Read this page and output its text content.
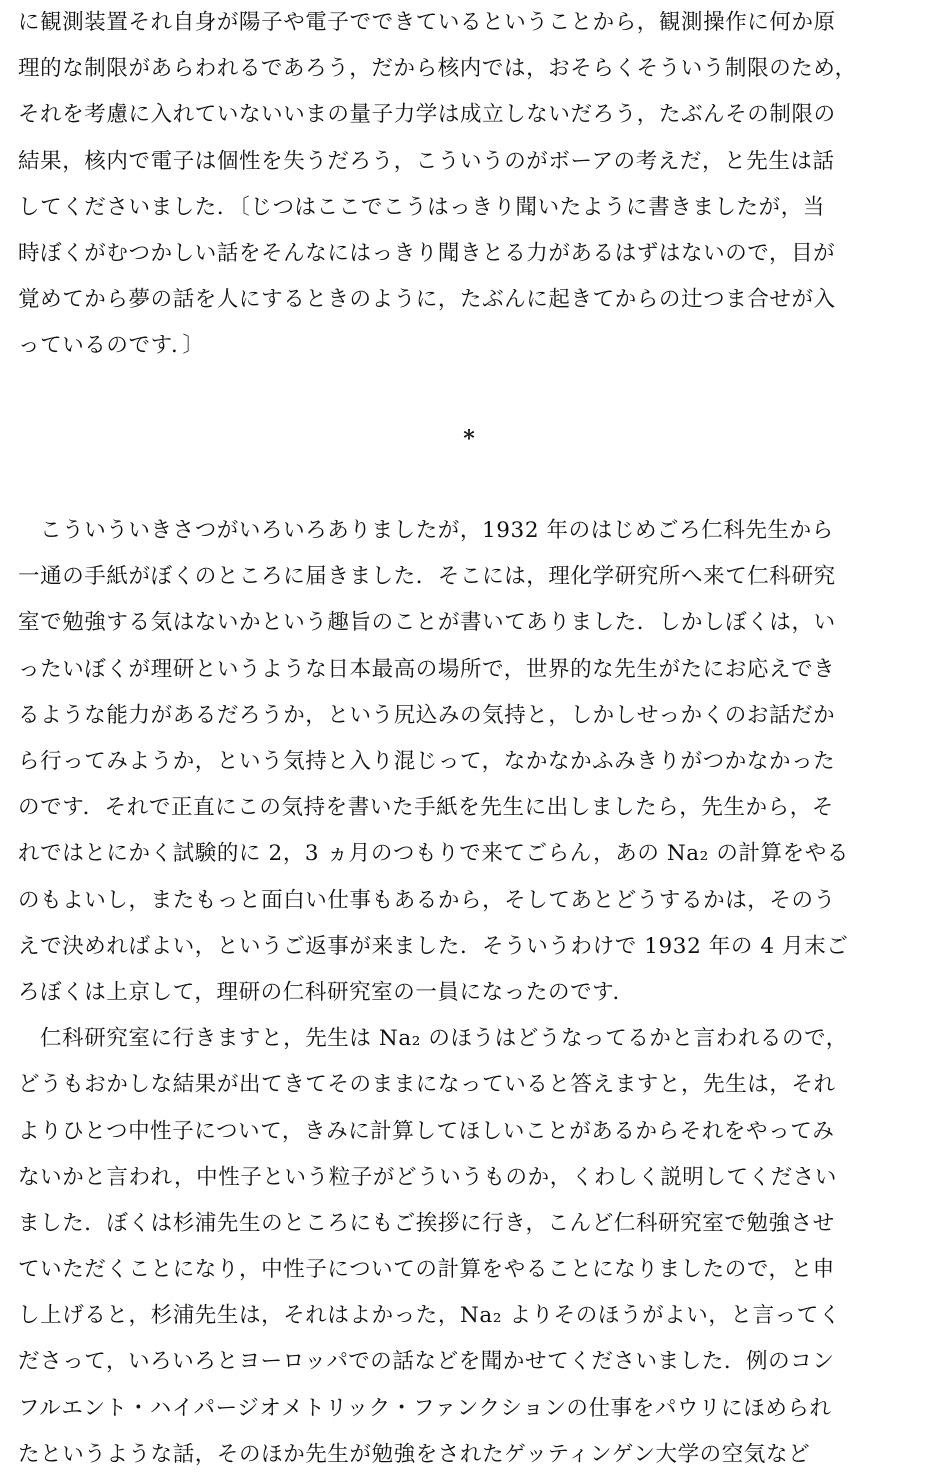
に観測装置それ自身が陽子や電子でできているということから，観測操作に何か原
理的な制限があらわれるであろう，だから核内では，おそらくそういう制限のため，
それを考慮に入れていないいまの量子力学は成立しないだろう，たぶんその制限の
結果，核内で電子は個性を失うだろう，こういうのがボーアの考えだ，と先生は話
してくださいました．〔じつはここでこうはっきり聞いたように書きましたが，当
時ぼくがむつかしい話をそんなにはっきり聞きとる力があるはずはないので，目が
覚めてから夢の話を人にするときのように，たぶんに起きてからの辻つま合せが入
っているのです．〕
*
こういういきさつがいろいろありましたが，1932 年のはじめごろ仁科先生から
一通の手紙がぼくのところに届きました．そこには，理化学研究所へ来て仁科研究
室で勉強する気はないかという趣旨のことが書いてありました．しかしぼくは，い
ったいぼくが理研というような日本最高の場所で，世界的な先生がたにお応えでき
るような能力があるだろうか，という尻込みの気持と，しかしせっかくのお話だか
ら行ってみようか，という気持と入り混じって，なかなかふみきりがつかなかった
のです．それで正直にこの気持を書いた手紙を先生に出しましたら，先生から，そ
れではとにかく試験的に 2，3 ヵ月のつもりで来てごらん，あの Na₂ の計算をやる
のもよいし，またもっと面白い仕事もあるから，そしてあとどうするかは，そのう
えで決めればよい，というご返事が来ました．そういうわけで 1932 年の 4 月末ご
ろぼくは上京して，理研の仁科研究室の一員になったのです．
仁科研究室に行きますと，先生は Na₂ のほうはどうなってるかと言われるので，
どうもおかしな結果が出てきてそのままになっていると答えますと，先生は，それ
よりひとつ中性子について，きみに計算してほしいことがあるからそれをやってみ
ないかと言われ，中性子という粒子がどういうものか，くわしく説明してください
ました．ぼくは杉浦先生のところにもご挨拶に行き，こんど仁科研究室で勉強させ
ていただくことになり，中性子についての計算をやることになりましたので，と申
し上げると，杉浦先生は，それはよかった，Na₂ よりそのほうがよい，と言ってく
ださって，いろいろとヨーロッパでの話などを聞かせてくださいました．例のコン
フルエント・ハイパージオメトリック・ファンクションの仕事をパウリにほめられ
たというような話，そのほか先生が勉強をされたゲッティンゲン大学の空気など
